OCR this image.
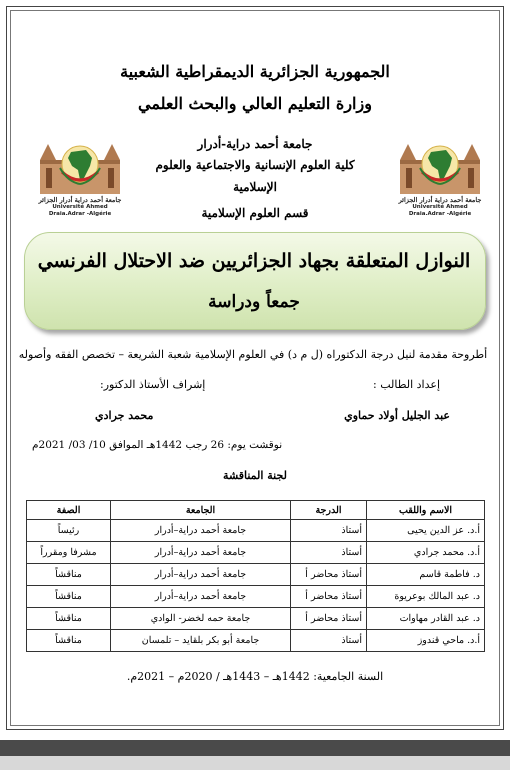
الجمهورية الجزائرية الديمقراطية الشعبية
وزارة التعليم العالي والبحث العلمي
جامعة أحمد دراية-أدرار
كلية العلوم الإنسانية والاجتماعية والعلوم
الإسلامية
قسم العلوم الإسلامية
جامعة أحمد دراية أدرار الجزائر
Université Ahmed Draia.Adrar -Algérie
جامعة أحمد دراية أدرار الجزائر
Université Ahmed Draia.Adrar -Algérie
النوازل المتعلقة بجهاد الجزائريين ضد الاحتلال الفرنسي
جمعاً ودراسة
أطروحة مقدمة لنيل درجة الدكتوراه (ل م د) في العلوم الإسلامية شعبة الشريعة – تخصص الفقه وأصوله
إعداد الطالب :
إشراف الأستاذ الدكتور:
عبد الجليل أولاد حماوي
محمد جرادي
نوقشت يوم: 26 رجب 1442هـ الموافق 10/ 03/ 2021م
لجنة المناقشة
الاسم واللقب	الدرجة	الجامعة	الصفة
أ.د. عز الدين يحيى	أستاذ	جامعة أحمد دراية–أدرار	رئيساً
أ.د. محمد جرادي	أستاذ	جامعة أحمد دراية–أدرار	مشرفا ومقرراً
د. فاطمة قاسم	أستاذ محاضر أ	جامعة أحمد دراية–أدرار	مناقشاً
د. عبد المالك بوعريوة	أستاذ محاضر أ	جامعة أحمد دراية–أدرار	مناقشاً
د. عبد القادر مهاوات	أستاذ محاضر أ	جامعة حمه لخضر- الوادي	مناقشاً
أ.د. ماحي قندوز	أستاذ	جامعة أبو بكر بلقايد – تلمسان	مناقشاً
السنة الجامعية: 1442هـ – 1443هـ / 2020م – 2021م.
